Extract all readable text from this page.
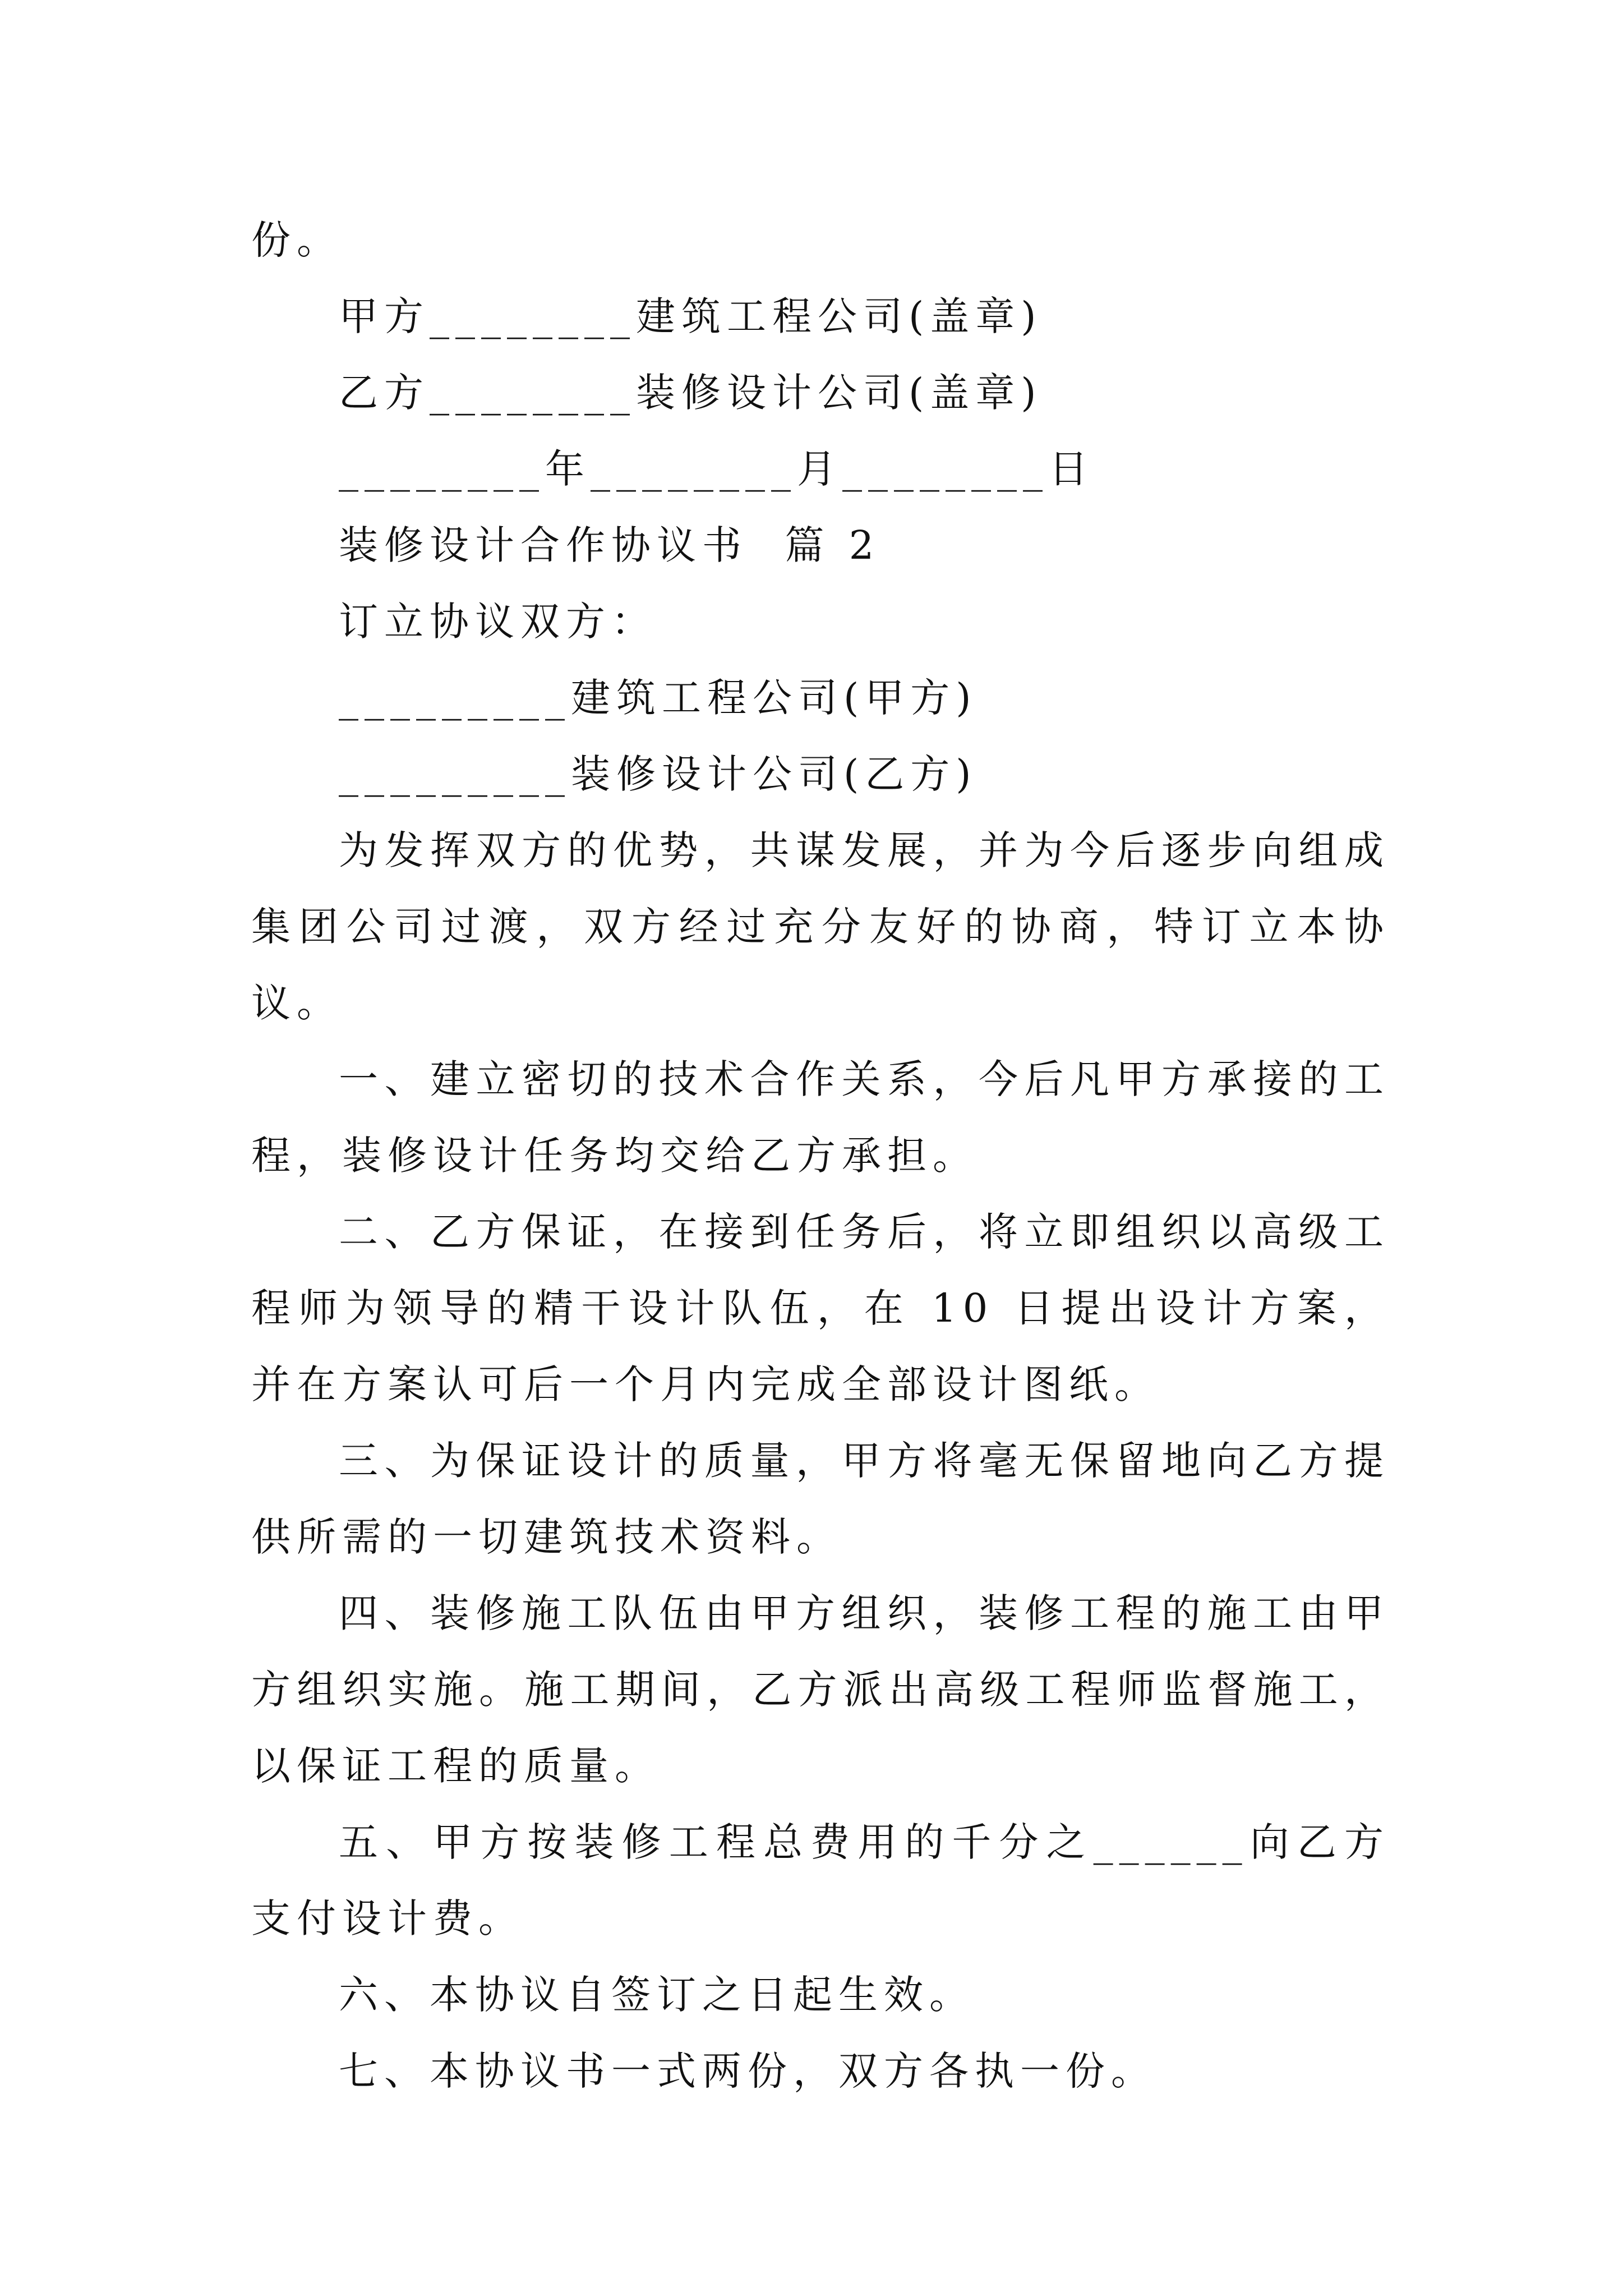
份。
甲方________建筑工程公司(盖章)
乙方________装修设计公司(盖章)
________年________月________日
装修设计合作协议书  篇 2
订立协议双方：
_________建筑工程公司(甲方)
_________装修设计公司(乙方)

为发挥双方的优势，共谋发展，并为今后逐步向组成集团公司过渡，双方经过充分友好的协商，特订立本协议。

一、建立密切的技术合作关系，今后凡甲方承接的工程，装修设计任务均交给乙方承担。

二、乙方保证，在接到任务后，将立即组织以高级工程师为领导的精干设计队伍，在 10 日提出设计方案，并在方案认可后一个月内完成全部设计图纸。

三、为保证设计的质量，甲方将毫无保留地向乙方提供所需的一切建筑技术资料。

四、装修施工队伍由甲方组织，装修工程的施工由甲方组织实施。施工期间，乙方派出高级工程师监督施工，以保证工程的质量。

五、甲方按装修工程总费用的千分之______向乙方支付设计费。

六、本协议自签订之日起生效。
七、本协议书一式两份，双方各执一份。
